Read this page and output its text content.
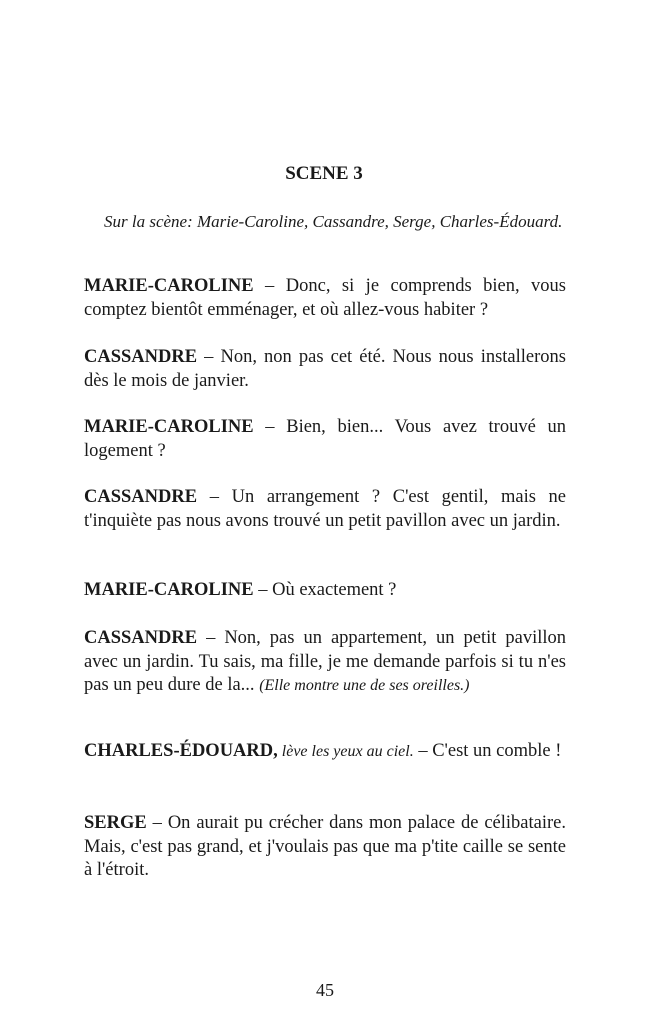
SCENE 3
Sur la scène: Marie-Caroline, Cassandre, Serge, Charles-Édouard.
MARIE-CAROLINE – Donc, si je comprends bien, vous comptez bientôt emménager, et où allez-vous habiter ?
CASSANDRE – Non, non pas cet été. Nous nous installerons dès le mois de janvier.
MARIE-CAROLINE – Bien, bien... Vous avez trouvé un logement ?
CASSANDRE – Un arrangement ? C'est gentil, mais ne t'inquiète pas nous avons trouvé un petit pavillon avec un jardin.
MARIE-CAROLINE – Où exactement ?
CASSANDRE – Non, pas un appartement, un petit pavillon avec un jardin. Tu sais, ma fille, je me demande parfois si tu n'es pas un peu dure de la... (Elle montre une de ses oreilles.)
CHARLES-ÉDOUARD, lève les yeux au ciel. – C'est un comble !
SERGE – On aurait pu crécher dans mon palace de célibataire. Mais, c'est pas grand, et j'voulais pas que ma p'tite caille se sente à l'étroit.
45
